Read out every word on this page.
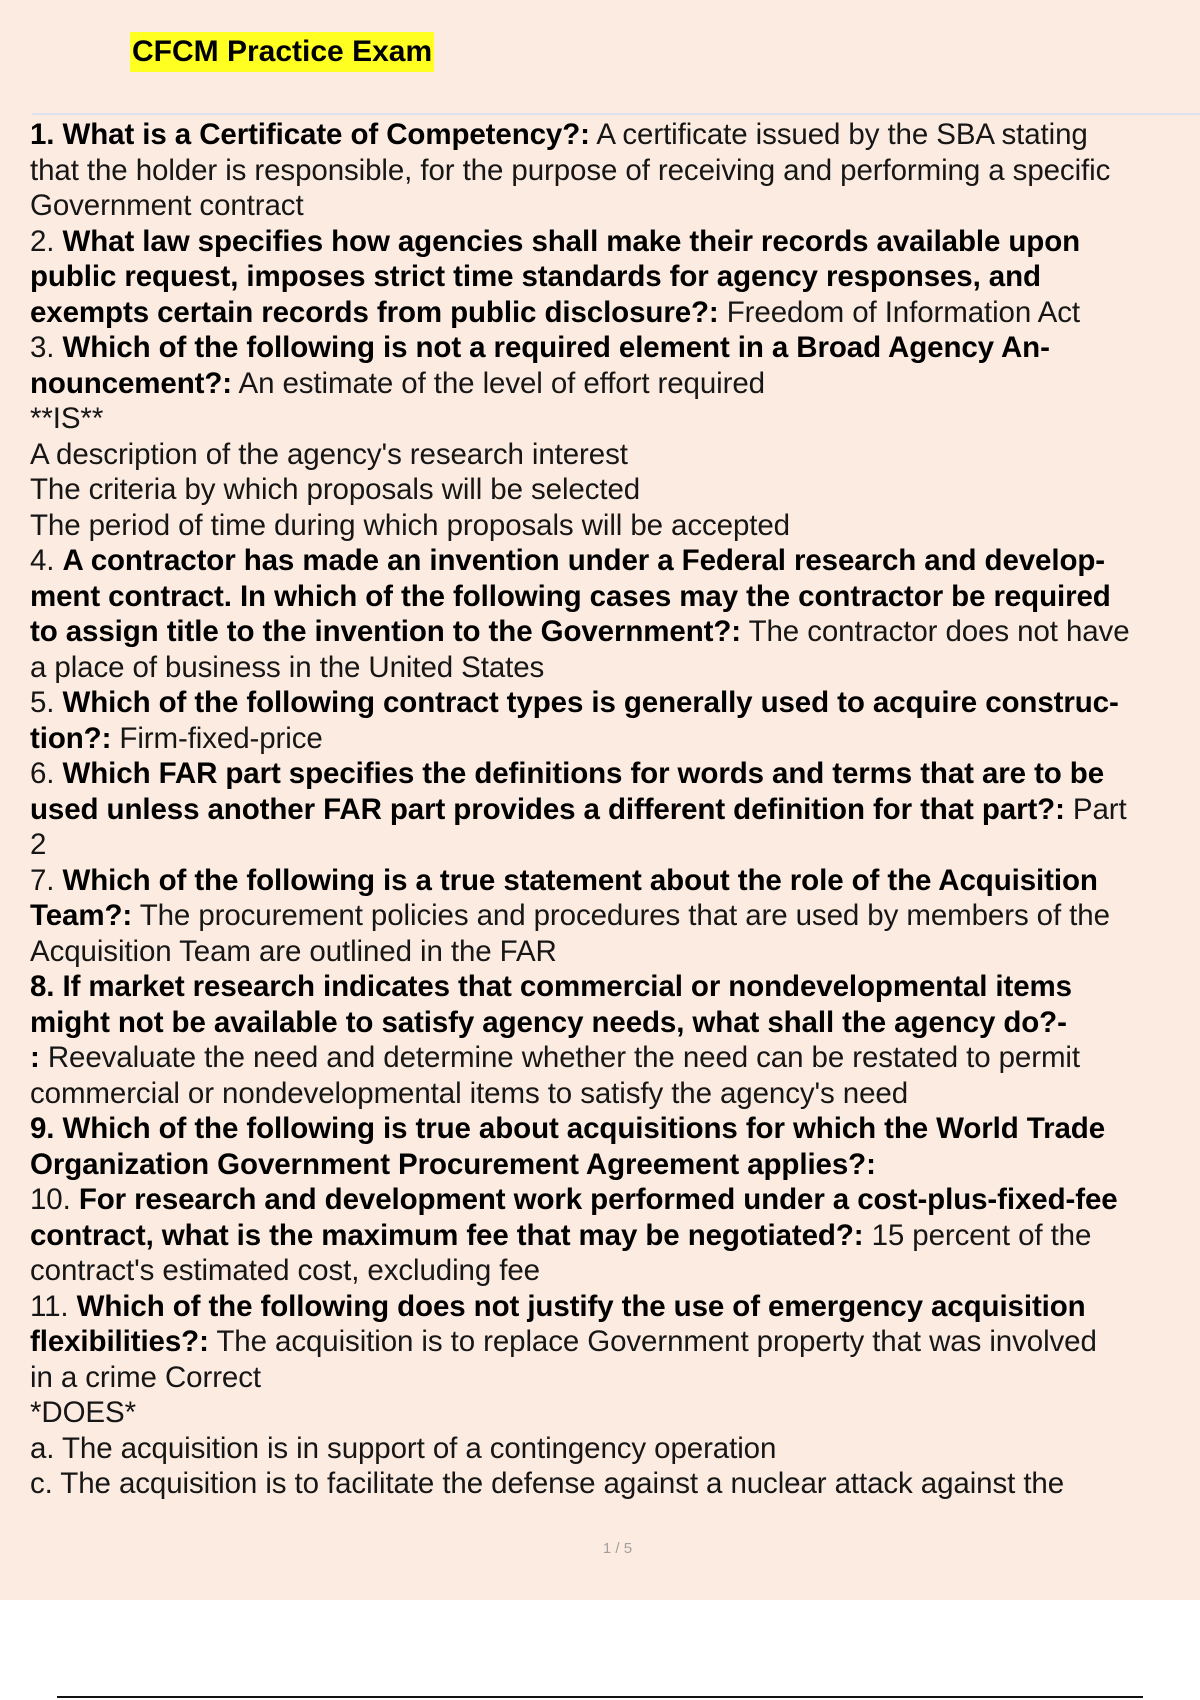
CFCM Practice Exam
1. What is a Certificate of Competency?: A certificate issued by the SBA stating
that the holder is responsible, for the purpose of receiving and performing a specific
Government contract
2. What law specifies how agencies shall make their records available upon
public request, imposes strict time standards for agency responses, and
exempts certain records from public disclosure?: Freedom of Information Act
3. Which of the following is not a required element in a Broad Agency An-
nouncement?: An estimate of the level of effort required
**IS**
A description of the agency's research interest
The criteria by which proposals will be selected
The period of time during which proposals will be accepted
4. A contractor has made an invention under a Federal research and develop-
ment contract. In which of the following cases may the contractor be required
to assign title to the invention to the Government?: The contractor does not have
a place of business in the United States
5. Which of the following contract types is generally used to acquire construc-
tion?: Firm-fixed-price
6. Which FAR part specifies the definitions for words and terms that are to be
used unless another FAR part provides a different definition for that part?: Part
2
7. Which of the following is a true statement about the role of the Acquisition
Team?: The procurement policies and procedures that are used by members of the
Acquisition Team are outlined in the FAR
8. If market research indicates that commercial or nondevelopmental items
might not be available to satisfy agency needs, what shall the agency do?-
: Reevaluate the need and determine whether the need can be restated to permit
commercial or nondevelopmental items to satisfy the agency's need
9. Which of the following is true about acquisitions for which the World Trade
Organization Government Procurement Agreement applies?:
10. For research and development work performed under a cost-plus-fixed-fee
contract, what is the maximum fee that may be negotiated?: 15 percent of the
contract's estimated cost, excluding fee
11. Which of the following does not justify the use of emergency acquisition
flexibilities?: The acquisition is to replace Government property that was involved
in a crime Correct
*DOES*
a. The acquisition is in support of a contingency operation
c. The acquisition is to facilitate the defense against a nuclear attack against the
1 / 5
